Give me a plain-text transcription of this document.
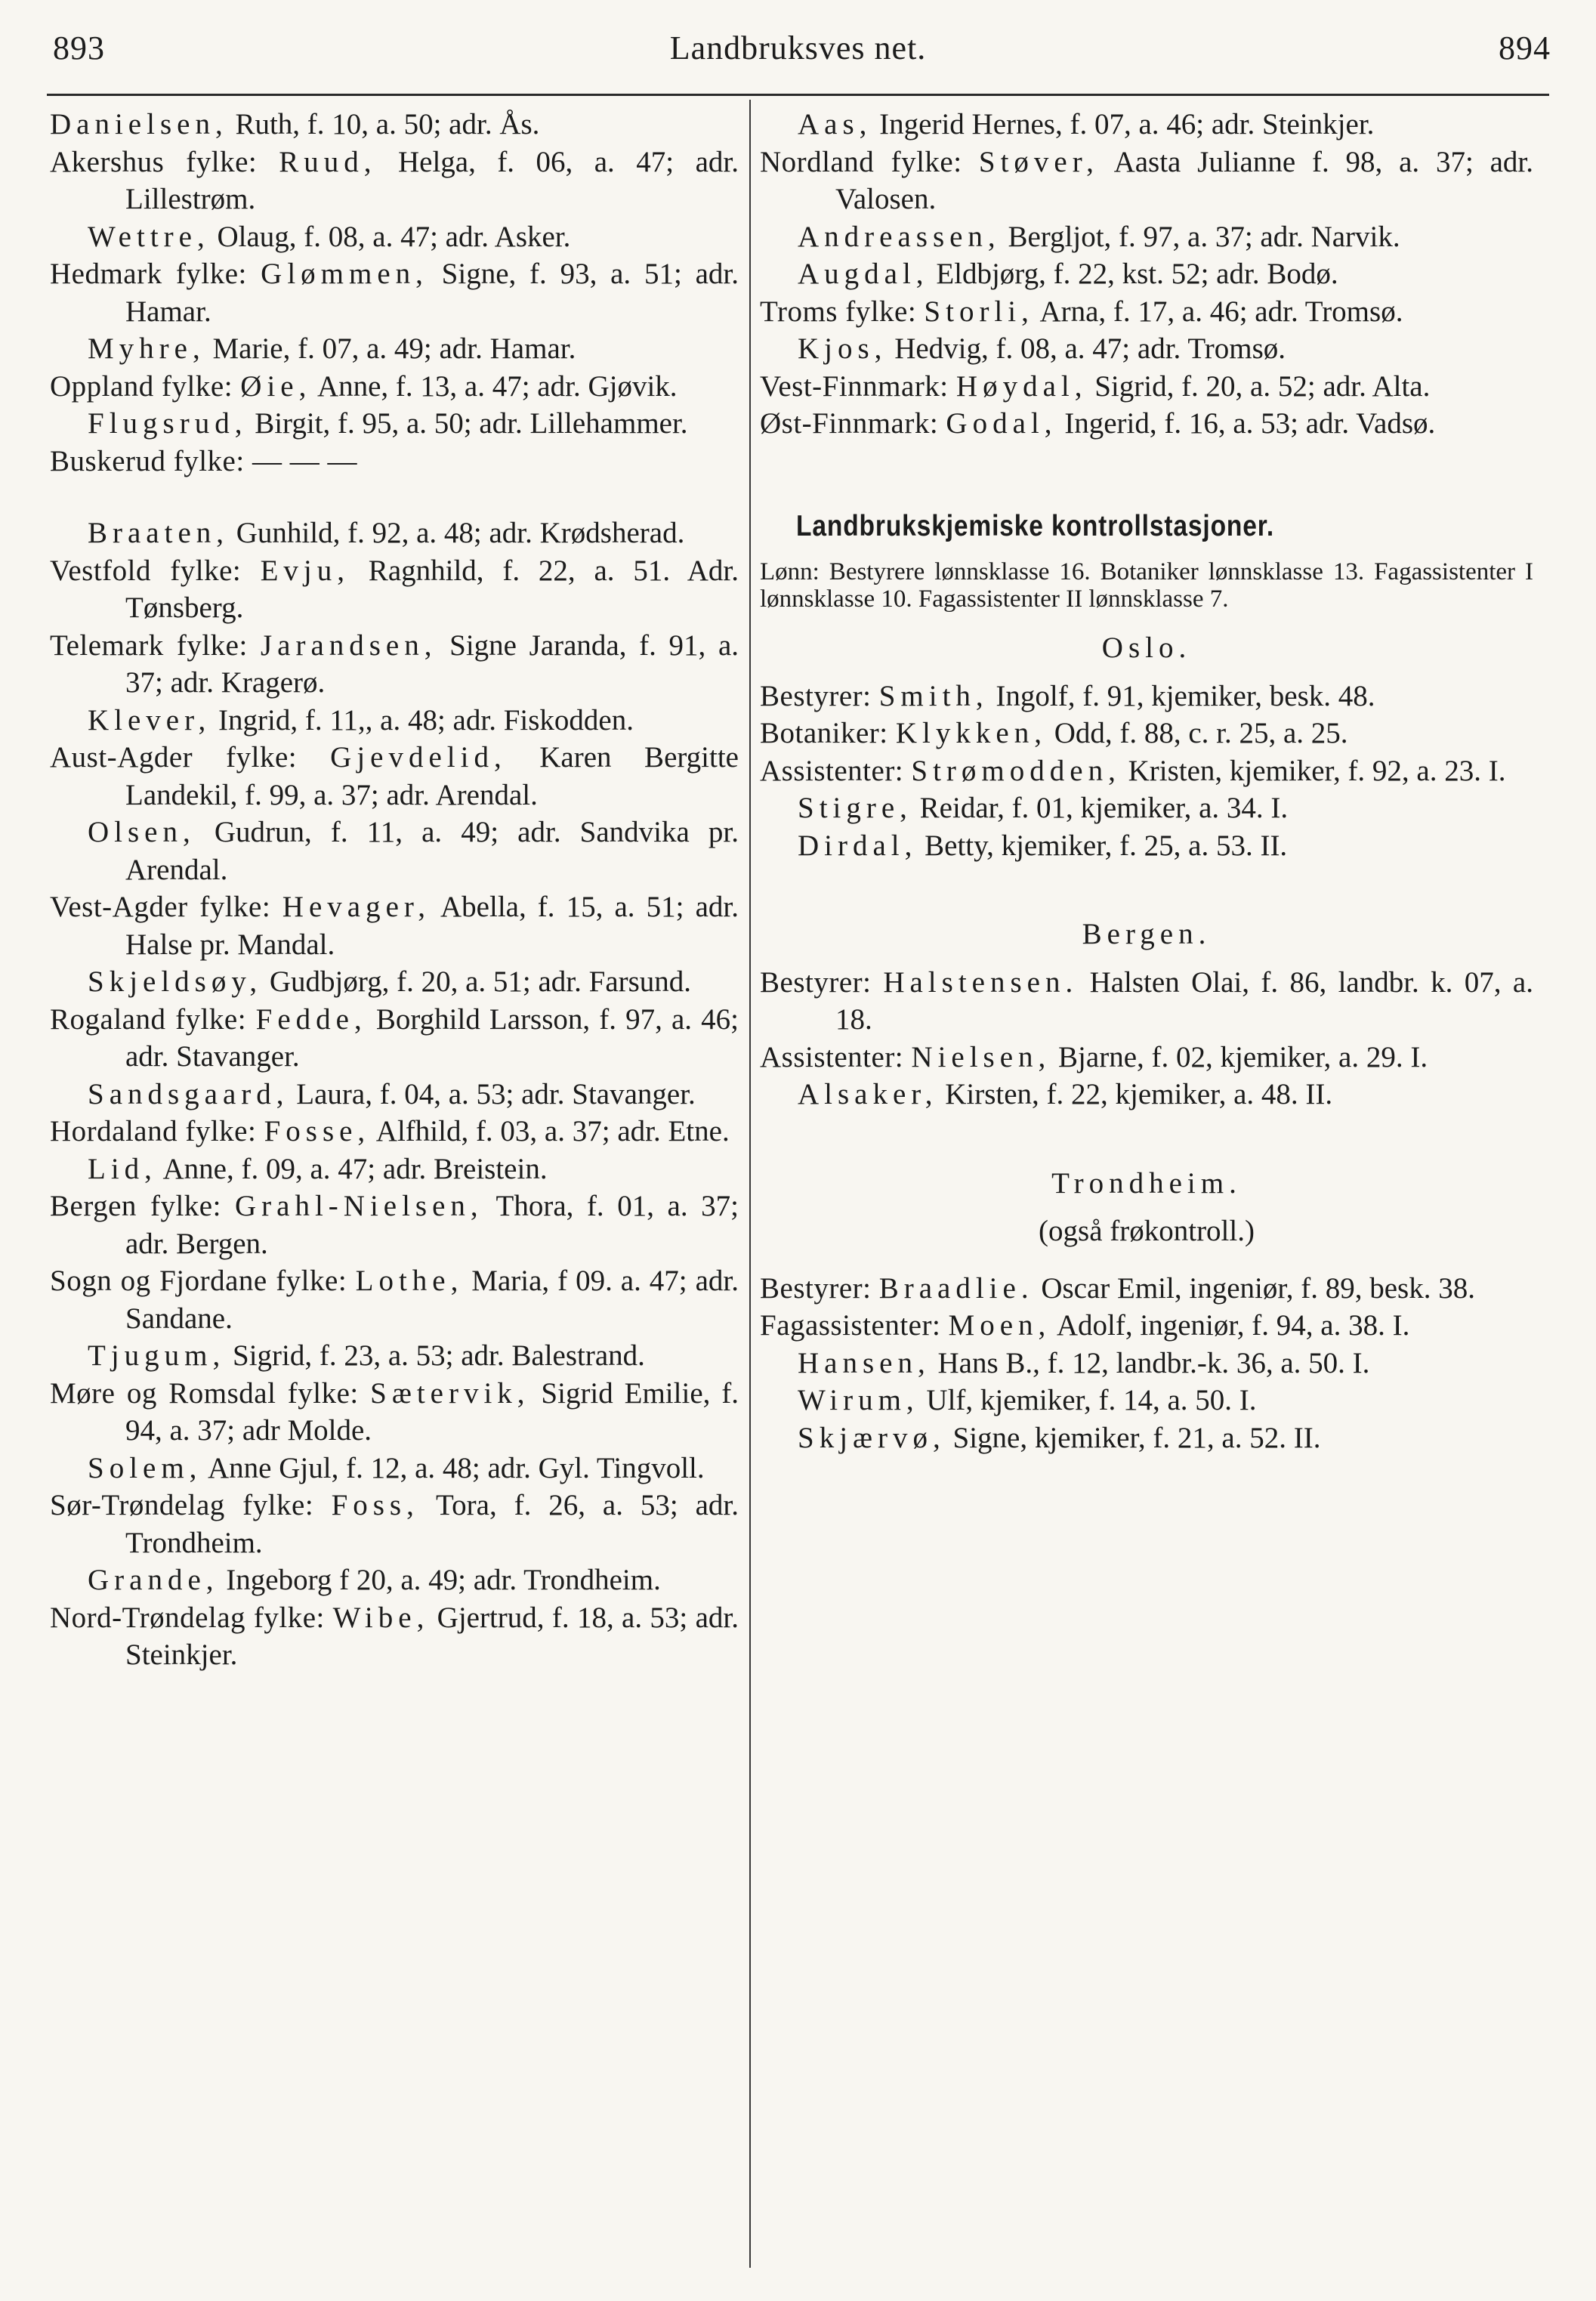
893	Landbruksves net.	894
Danielsen, Ruth, f. 10, a. 50; adr. Ås.
Akershus fylke: Ruud, Helga, f. 06, a. 47; adr. Lillestrøm.
Wettre, Olaug, f. 08, a. 47; adr. Asker.
Hedmark fylke: Glømmen, Signe, f. 93, a. 51; adr. Hamar.
Myhre, Marie, f. 07, a. 49; adr. Hamar.
Oppland fylke: Øie, Anne, f. 13, a. 47; adr. Gjøvik.
Flugsrud, Birgit, f. 95, a. 50; adr. Lillehammer.
Buskerud fylke: — — —
Braaten, Gunhild, f. 92, a. 48; adr. Krødsherad.
Vestfold fylke: Evju, Ragnhild, f. 22, a. 51. Adr. Tønsberg.
Telemark fylke: Jarandsen, Signe Jaranda, f. 91, a. 37; adr. Kragerø.
Klever, Ingrid, f. 11,, a. 48; adr. Fiskodden.
Aust-Agder fylke: Gjevdelid, Karen Bergitte Landekil, f. 99, a. 37; adr. Arendal.
Olsen, Gudrun, f. 11, a. 49; adr. Sandvika pr. Arendal.
Vest-Agder fylke: Hevager, Abella, f. 15, a. 51; adr. Halse pr. Mandal.
Skjeldsøy, Gudbjørg, f. 20, a. 51; adr. Farsund.
Rogaland fylke: Fedde, Borghild Larsson, f. 97, a. 46; adr. Stavanger.
Sandsgaard, Laura, f. 04, a. 53; adr. Stavanger.
Hordaland fylke: Fosse, Alfhild, f. 03, a. 37; adr. Etne.
Lid, Anne, f. 09, a. 47; adr. Breistein.
Bergen fylke: Grahl-Nielsen, Thora, f. 01, a. 37; adr. Bergen.
Sogn og Fjordane fylke: Lothe, Maria, f 09. a. 47; adr. Sandane.
Tjugum, Sigrid, f. 23, a. 53; adr. Balestrand.
Møre og Romsdal fylke: Sætervik, Sigrid Emilie, f. 94, a. 37; adr Molde.
Solem, Anne Gjul, f. 12, a. 48; adr. Gyl. Tingvoll.
Sør-Trøndelag fylke: Foss, Tora, f. 26, a. 53; adr. Trondheim.
Grande, Ingeborg f 20, a. 49; adr. Trondheim.
Nord-Trøndelag fylke: Wibe, Gjertrud, f. 18, a. 53; adr. Steinkjer.
Aas, Ingerid Hernes, f. 07, a. 46; adr. Steinkjer.
Nordland fylke: Støver, Aasta Julianne f. 98, a. 37; adr. Valosen.
Andreassen, Bergljot, f. 97, a. 37; adr. Narvik.
Augdal, Eldbjørg, f. 22, kst. 52; adr. Bodø.
Troms fylke: Storli, Arna, f. 17, a. 46; adr. Tromsø.
Kjos, Hedvig, f. 08, a. 47; adr. Tromsø.
Vest-Finnmark: Høydal, Sigrid, f. 20, a. 52; adr. Alta.
Øst-Finnmark: Godal, Ingerid, f. 16, a. 53; adr. Vadsø.
Landbrukskjemiske kontrollstasjoner.
Lønn: Bestyrere lønnsklasse 16. Botaniker lønnsklasse 13. Fagassistenter I lønnsklasse 10. Fagassistenter II lønnsklasse 7.
Oslo.
Bestyrer: Smith, Ingolf, f. 91, kjemiker, besk. 48.
Botaniker: Klykken, Odd, f. 88, c. r. 25, a. 25.
Assistenter: Strømodden, Kristen, kjemiker, f. 92, a. 23. I.
Stigre, Reidar, f. 01, kjemiker, a. 34. I.
Dirdal, Betty, kjemiker, f. 25, a. 53. II.
Bergen.
Bestyrer: Halstensen. Halsten Olai, f. 86, landbr. k. 07, a. 18.
Assistenter: Nielsen, Bjarne, f. 02, kjemiker, a. 29. I.
Alsaker, Kirsten, f. 22, kjemiker, a. 48. II.
Trondheim.
(også frøkontroll.)
Bestyrer: Braadlie. Oscar Emil, ingeniør, f. 89, besk. 38.
Fagassistenter: Moen, Adolf, ingeniør, f. 94, a. 38. I.
Hansen, Hans B., f. 12, landbr.-k. 36, a. 50. I.
Wirum, Ulf, kjemiker, f. 14, a. 50. I.
Skjærvø, Signe, kjemiker, f. 21, a. 52. II.
